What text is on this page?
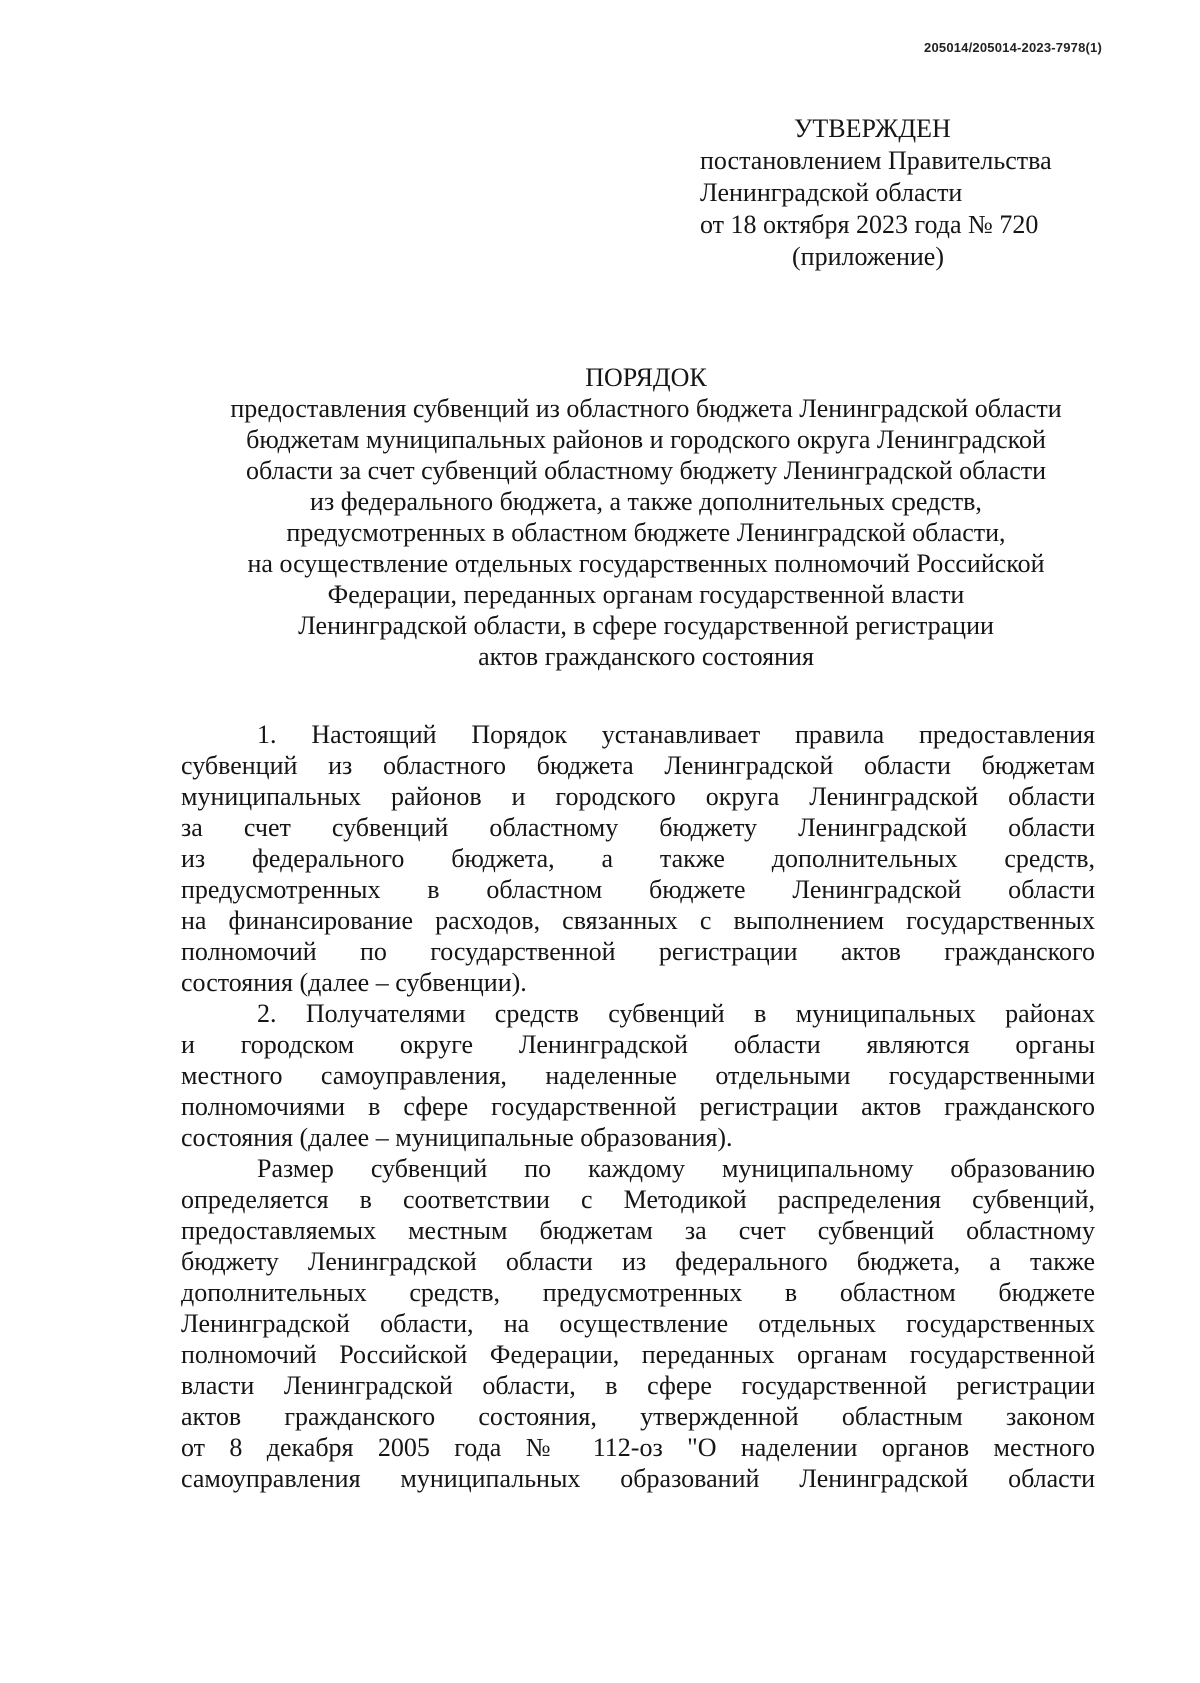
205014/205014-2023-7978(1)
УТВЕРЖДЕН
постановлением Правительства
Ленинградской области
от 18 октября 2023 года № 720
(приложение)
ПОРЯДОК
предоставления субвенций из областного бюджета Ленинградской области
бюджетам муниципальных районов и городского округа Ленинградской
области за счет субвенций областному бюджету Ленинградской области
из федерального бюджета, а также дополнительных средств,
предусмотренных в областном бюджете Ленинградской области,
на осуществление отдельных государственных полномочий Российской
Федерации, переданных органам государственной власти
Ленинградской области, в сфере государственной регистрации
актов гражданского состояния
1. Настоящий Порядок устанавливает правила предоставления
субвенций из областного бюджета Ленинградской области бюджетам
муниципальных районов и городского округа Ленинградской области
за счет субвенций областному бюджету Ленинградской области
из федерального бюджета, а также дополнительных средств,
предусмотренных в областном бюджете Ленинградской области
на финансирование расходов, связанных с выполнением государственных
полномочий по государственной регистрации актов гражданского
состояния (далее – субвенции).
2. Получателями средств субвенций в муниципальных районах
и городском округе Ленинградской области являются органы
местного самоуправления, наделенные отдельными государственными
полномочиями в сфере государственной регистрации актов гражданского
состояния (далее – муниципальные образования).
Размер субвенций по каждому муниципальному образованию
определяется в соответствии с Методикой распределения субвенций,
предоставляемых местным бюджетам за счет субвенций областному
бюджету Ленинградской области из федерального бюджета, а также
дополнительных средств, предусмотренных в областном бюджете
Ленинградской области, на осуществление отдельных государственных
полномочий Российской Федерации, переданных органам государственной
власти Ленинградской области, в сфере государственной регистрации
актов гражданского состояния, утвержденной областным законом
от 8 декабря 2005 года № 112-оз "О наделении органов местного
самоуправления муниципальных образований Ленинградской области
